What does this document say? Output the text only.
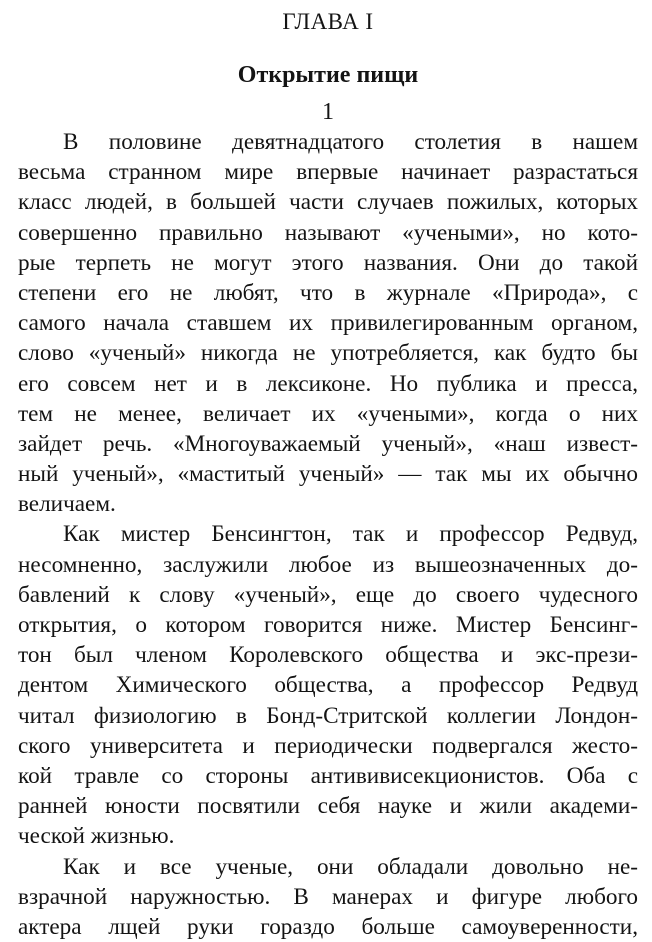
ГЛАВА I
Открытие пищи
1
В половине девятнадцатого столетия в нашем
весьма странном мире впервые начинает разрастаться
класс людей, в большей части случаев пожилых, которых
совершенно правильно называют «учеными», но кото-
рые терпеть не могут этого названия. Они до такой
степени его не любят, что в журнале «Природа», с
самого начала ставшем их привилегированным органом,
слово «ученый» никогда не употребляется, как будто бы
его совсем нет и в лексиконе. Но публика и пресса,
тем не менее, величает их «учеными», когда о них
зайдет речь. «Многоуважаемый ученый», «наш извест-
ный ученый», «маститый ученый» — так мы их обычно
величаем.
Как мистер Бенсингтон, так и профессор Редвуд,
несомненно, заслужили любое из вышеозначенных до-
бавлений к слову «ученый», еще до своего чудесного
открытия, о котором говорится ниже. Мистер Бенсинг-
тон был членом Королевского общества и экс-прези-
дентом Химического общества, а профессор Редвуд
читал физиологию в Бонд-Стритской коллегии Лондон-
ского университета и периодически подвергался жесто-
кой травле со стороны антививисекционистов. Оба с
ранней юности посвятили себя науке и жили академи-
ческой жизнью.
Как и все ученые, они обладали довольно не-
взрачной наружностью. В манерах и фигуре любого
актера лщей руки гораздо больше самоуверенности,
